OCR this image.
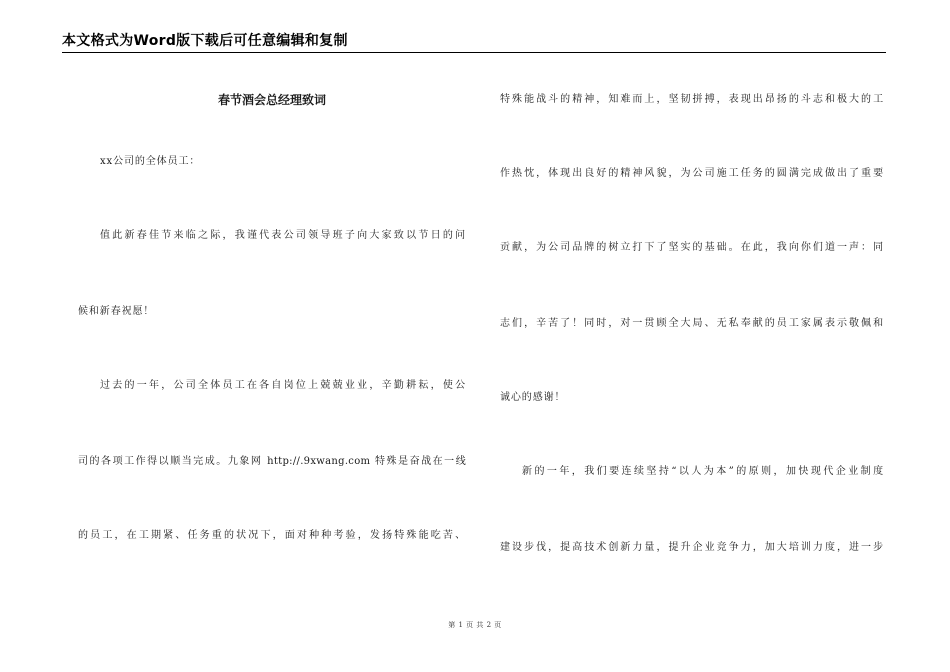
本文格式为Word版下载后可任意编辑和复制
春节酒会总经理致词
xx公司的全体员工：
值此新春佳节来临之际，我谨代表公司领导班子向大家致以节日的问
候和新春祝愿！
过去的一年，公司全体员工在各自岗位上兢兢业业，辛勤耕耘，使公
司的各项工作得以顺当完成。九象网 http://.9xwang.com 特殊是奋战在一线
的员工，在工期紧、任务重的状况下，面对种种考验，发扬特殊能吃苦、
特殊能战斗的精神，知难而上，坚韧拼搏，表现出昂扬的斗志和极大的工
作热忱，体现出良好的精神风貌，为公司施工任务的圆满完成做出了重要
贡献，为公司品牌的树立打下了坚实的基础。在此，我向你们道一声：同
志们，辛苦了！同时，对一贯顾全大局、无私奉献的员工家属表示敬佩和
诚心的感谢！
新的一年，我们要连续坚持“以人为本”的原则，加快现代企业制度
建设步伐，提高技术创新力量，提升企业竞争力，加大培训力度，进一步
第 1 页 共 2 页
